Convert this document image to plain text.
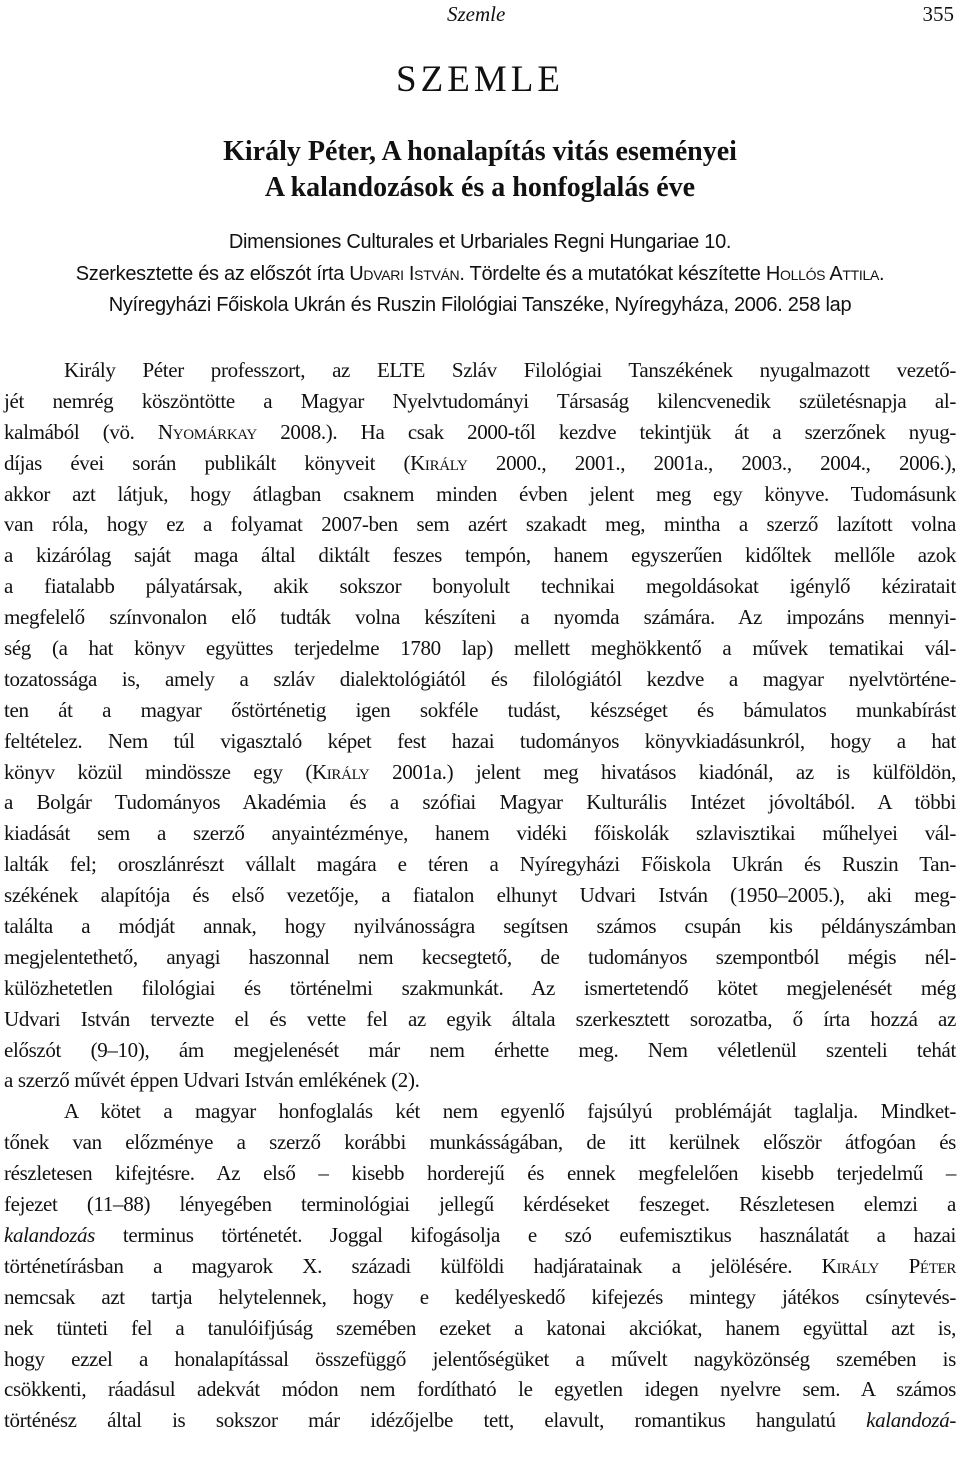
Szemle	355
SZEMLE
Király Péter, A honalapítás vitás eseményei
A kalandozások és a honfoglalás éve
Dimensiones Culturales et Urbariales Regni Hungariae 10.
Szerkesztette és az előszót írta Udvari István. Tördelte és a mutatókat készítette Hollós Attila.
Nyíregyházi Főiskola Ukrán és Ruszin Filológiai Tanszéke, Nyíregyháza, 2006. 258 lap
Király Péter professzort, az ELTE Szláv Filológiai Tanszékének nyugalmazott vezető-
jét nemrég köszöntötte a Magyar Nyelvtudományi Társaság kilencvenedik születésnapja al-
kalmából (vö. Nyomárkay 2008.). Ha csak 2000-től kezdve tekintjük át a szerzőnek nyug-
díjas évei során publikált könyveit (Király 2000., 2001., 2001a., 2003., 2004., 2006.),
akkor azt látjuk, hogy átlagban csaknem minden évben jelent meg egy könyve. Tudomásunk
van róla, hogy ez a folyamat 2007-ben sem azért szakadt meg, mintha a szerző lazított volna
a kizárólag saját maga által diktált feszes tempón, hanem egyszerűen kidőltek mellőle azok
a fiatalabb pályatársak, akik sokszor bonyolult technikai megoldásokat igénylő kéziratait
megfelelő színvonalon elő tudták volna készíteni a nyomda számára. Az impozáns mennyi-
ség (a hat könyv együttes terjedelme 1780 lap) mellett meghökkentő a művek tematikai vál-
tozatossága is, amely a szláv dialektológiától és filológiától kezdve a magyar nyelvtörténe-
ten át a magyar őstörténetig igen sokféle tudást, készséget és bámulatos munkabírást
feltételez. Nem túl vigasztaló képet fest hazai tudományos könyvkiadásunkról, hogy a hat
könyv közül mindössze egy (Király 2001a.) jelent meg hivatásos kiadónál, az is külföldön,
a Bolgár Tudományos Akadémia és a szófiai Magyar Kulturális Intézet jóvoltából. A többi
kiadását sem a szerző anyaintézménye, hanem vidéki főiskolák szlavisztikai műhelyei vál-
lalták fel; oroszlánrészt vállalt magára e téren a Nyíregyházi Főiskola Ukrán és Ruszin Tan-
székének alapítója és első vezetője, a fiatalon elhunyt Udvari István (1950–2005.), aki meg-
találta a módját annak, hogy nyilvánosságra segítsen számos csupán kis példányszámban
megjelentethető, anyagi haszonnal nem kecsegtető, de tudományos szempontból mégis nél-
külözhetetlen filológiai és történelmi szakmunkát. Az ismertetendő kötet megjelenését még
Udvari István tervezte el és vette fel az egyik általa szerkesztett sorozatba, ő írta hozzá az
előszót (9–10), ám megjelenését már nem érhette meg. Nem véletlenül szenteli tehát
a szerző művét éppen Udvari István emlékének (2).
A kötet a magyar honfoglalás két nem egyenlő fajsúlyú problémáját taglalja. Mindket-
tőnek van előzménye a szerző korábbi munkásságában, de itt kerülnek először átfogóan és
részletesen kifejtésre. Az első – kisebb horderejű és ennek megfelelően kisebb terjedelmű –
fejezet (11–88) lényegében terminológiai jellegű kérdéseket feszeget. Részletesen elemzi a
kalandozás terminus történetét. Joggal kifogásolja e szó eufemisztikus használatát a hazai
történetírásban a magyarok X. századi külföldi hadjáratainak a jelölésére. Király Péter
nemcsak azt tartja helytelennek, hogy e kedélyeskedő kifejezés mintegy játékos csínytevés-
nek tünteti fel a tanulóifjúság szemében ezeket a katonai akciókat, hanem együttal azt is,
hogy ezzel a honalapítással összefüggő jelentőségüket a művelt nagyközönség szemében is
csökkenti, ráadásul adekvát módon nem fordítható le egyetlen idegen nyelvre sem. A számos
történész által is sokszor már idézőjelbe tett, elavult, romantikus hangulatú kalandozá-
